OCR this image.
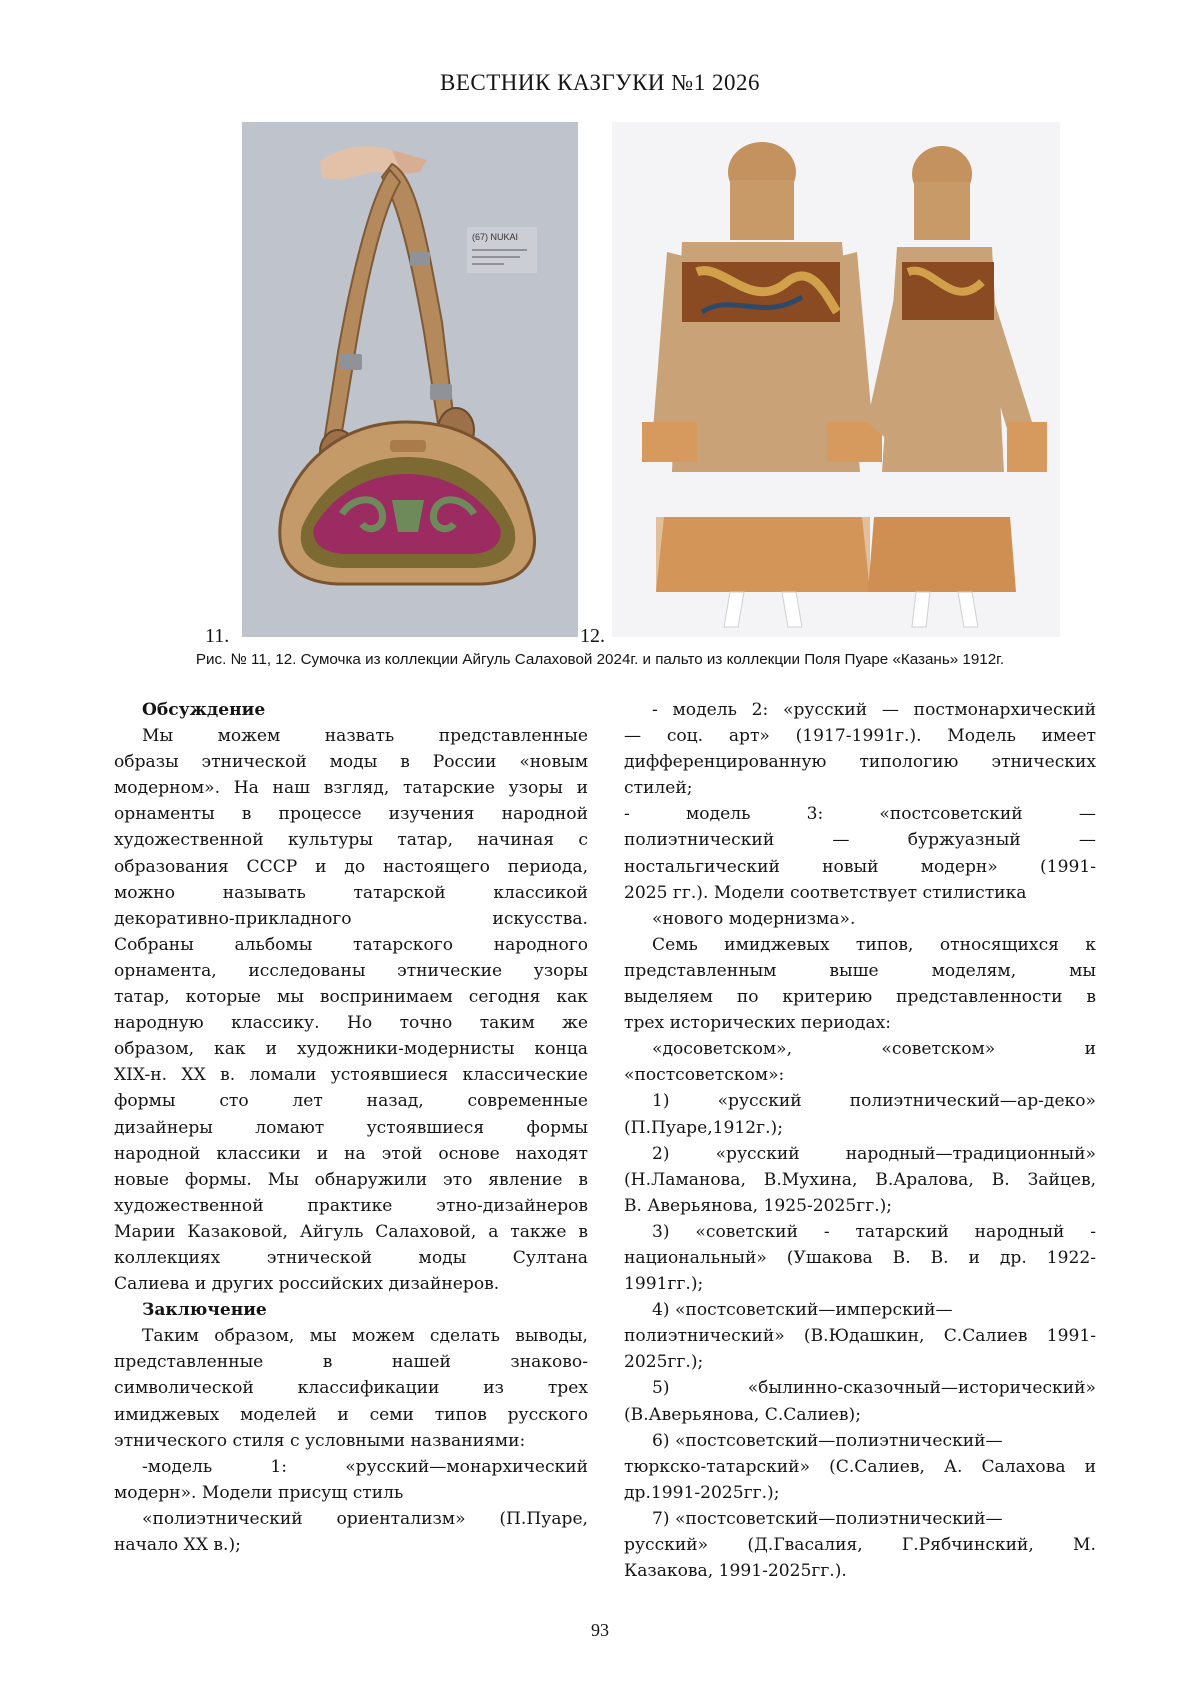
ВЕСТНИК КАЗГУКИ №1 2026
(67) NUKAI
11.	12.
Рис. № 11, 12. Сумочка из коллекции Айгуль Салаховой 2024г. и пальто из коллекции Поля Пуаре «Казань» 1912г.

Обсуждение

Мы можем назвать представленные

образы этнической моды в России «новым

модерном». На наш взгляд, татарские узоры и

орнаменты в процессе изучения народной

художественной культуры татар, начиная с

образования СССР и до настоящего периода,

можно называть татарской классикой

декоративно-прикладного искусства.

Собраны альбомы татарского народного

орнамента, исследованы этнические узоры

татар, которые мы воспринимаем сегодня как

народную классику. Но точно таким же

образом, как и художники-модернисты конца

XIX-н. XX в. ломали устоявшиеся классические

формы сто лет назад, современные

дизайнеры ломают устоявшиеся формы

народной классики и на этой основе находят

новые формы. Мы обнаружили это явление в

художественной практике этно-дизайнеров

Марии Казаковой, Айгуль Салаховой, а также в

коллекциях этнической моды Султана

Салиева и других российских дизайнеров.

Заключение

Таким образом, мы можем сделать выводы,

представленные в нашей знаково-

символической классификации из трех

имиджевых моделей и семи типов русского

этнического стиля с условными названиями:

-модель 1: «русский—монархический

модерн». Модели присущ стиль

«полиэтнический ориентализм» (П.Пуаре,

начало XX в.);

- модель 2: «русский — постмонархический

— соц. арт» (1917-1991г.). Модель имеет

дифференцированную типологию этнических

стилей;

- модель 3: «постсоветский —

полиэтнический — буржуазный —

ностальгический новый модерн» (1991-

2025 гг.). Модели соответствует стилистика

«нового модернизма».

Семь имиджевых типов, относящихся к

представленным выше моделям, мы

выделяем по критерию представленности в

трех исторических периодах:

«досоветском», «советском» и

«постсоветском»:

1) «русский полиэтнический—ар-деко»

(П.Пуаре,1912г.);

2) «русский народный—традиционный»

(Н.Ламанова, В.Мухина, В.Аралова, В. Зайцев,

В. Аверьянова, 1925-2025гг.);

3) «советский - татарский народный -

национальный» (Ушакова В. В. и др. 1922-

1991гг.);

4) «постсоветский—имперский—

полиэтнический» (В.Юдашкин, С.Салиев 1991-

2025гг.);

5) «былинно-сказочный—исторический»

(В.Аверьянова, С.Салиев);

6) «постсоветский—полиэтнический—

тюркско-татарский» (С.Салиев, А. Салахова и

др.1991-2025гг.);

7) «постсоветский—полиэтнический—

русский» (Д.Гвасалия, Г.Рябчинский, М.

Казакова, 1991-2025гг.).

93
